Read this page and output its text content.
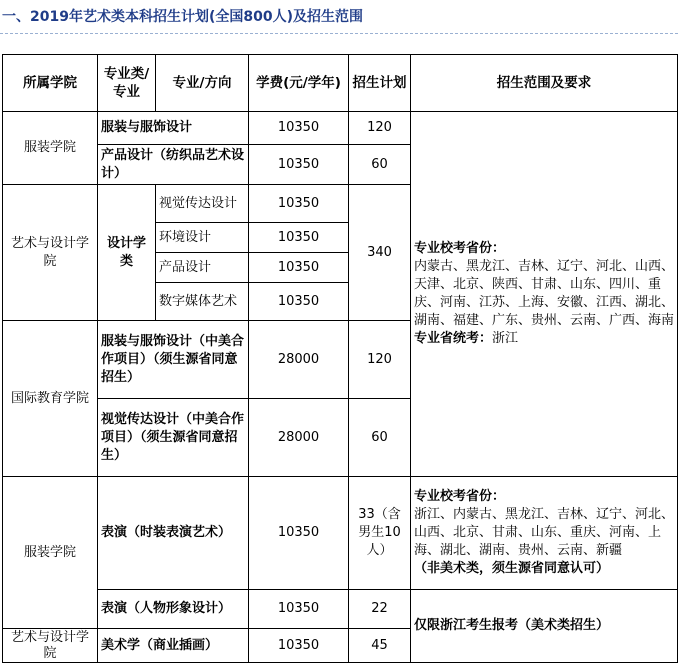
一、2019年艺术类本科招生计划(全国800人)及招生范围
所属学院	专业类/专业	专业/方向	学费(元/学年)	招生计划	招生范围及要求
服装学院	服装与服饰设计		10350	120	专业校考省份：
内蒙古、黑龙江、吉林、辽宁、河北、山西、天津、北京、陕西、甘肃、山东、四川、重庆、河南、江苏、上海、安徽、江西、湖北、湖南、福建、广东、贵州、云南、广西、海南
专业省统考：浙江

	产品设计（纺织品艺术设计）		10350	60	
艺术与设计学院	设计学类	视觉传达设计	10350	340	
		环境设计	10350		
		产品设计	10350		
		数字媒体艺术	10350		
国际教育学院	服装与服饰设计（中美合作项目）（须生源省同意招生）		28000	120	
	视觉传达设计（中美合作项目）（须生源省同意招生）		28000	60	
服装学院	表演（时装表演艺术）		10350	33（含男生10人）	专业校考省份：
浙江、内蒙古、黑龙江、吉林、辽宁、河北、山西、北京、甘肃、山东、重庆、河南、上海、湖北、湖南、贵州、云南、新疆
（非美术类，须生源省同意认可）

	表演（人物形象设计）		10350	22	仅限浙江考生报考（美术类招生）
艺术与设计学院	美术学（商业插画）		10350	45	
